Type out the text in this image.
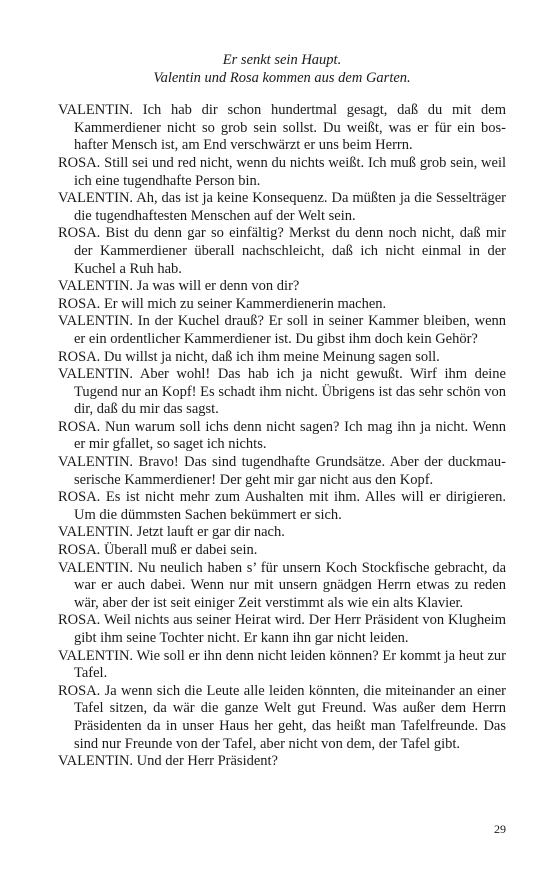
Er senkt sein Haupt.
Valentin und Rosa kommen aus dem Garten.
VALENTIN. Ich hab dir schon hundertmal gesagt, daß du mit dem Kammerdiener nicht so grob sein sollst. Du weißt, was er für ein boshafter Mensch ist, am End verschwärzt er uns beim Herrn.
ROSA. Still sei und red nicht, wenn du nichts weißt. Ich muß grob sein, weil ich eine tugendhafte Person bin.
VALENTIN. Ah, das ist ja keine Konsequenz. Da müßten ja die Sesselträger die tugendhaftesten Menschen auf der Welt sein.
ROSA. Bist du denn gar so einfältig? Merkst du denn noch nicht, daß mir der Kammerdiener überall nachschleicht, daß ich nicht einmal in der Kuchel a Ruh hab.
VALENTIN. Ja was will er denn von dir?
ROSA. Er will mich zu seiner Kammerdienerin machen.
VALENTIN. In der Kuchel drauß? Er soll in seiner Kammer bleiben, wenn er ein ordentlicher Kammerdiener ist. Du gibst ihm doch kein Gehör?
ROSA. Du willst ja nicht, daß ich ihm meine Meinung sagen soll.
VALENTIN. Aber wohl! Das hab ich ja nicht gewußt. Wirf ihm deine Tugend nur an Kopf! Es schadt ihm nicht. Übrigens ist das sehr schön von dir, daß du mir das sagst.
ROSA. Nun warum soll ichs denn nicht sagen? Ich mag ihn ja nicht. Wenn er mir gfallet, so saget ich nichts.
VALENTIN. Bravo! Das sind tugendhafte Grundsätze. Aber der duckmauserische Kammerdiener! Der geht mir gar nicht aus den Kopf.
ROSA. Es ist nicht mehr zum Aushalten mit ihm. Alles will er dirigieren. Um die dümmsten Sachen bekümmert er sich.
VALENTIN. Jetzt lauft er gar dir nach.
ROSA. Überall muß er dabei sein.
VALENTIN. Nu neulich haben s’ für unsern Koch Stockfische gebracht, da war er auch dabei. Wenn nur mit unsern gnädgen Herrn etwas zu reden wär, aber der ist seit einiger Zeit verstimmt als wie ein alts Klavier.
ROSA. Weil nichts aus seiner Heirat wird. Der Herr Präsident von Klugheim gibt ihm seine Tochter nicht. Er kann ihn gar nicht leiden.
VALENTIN. Wie soll er ihn denn nicht leiden können? Er kommt ja heut zur Tafel.
ROSA. Ja wenn sich die Leute alle leiden könnten, die miteinander an einer Tafel sitzen, da wär die ganze Welt gut Freund. Was außer dem Herrn Präsidenten da in unser Haus her geht, das heißt man Tafelfreunde. Das sind nur Freunde von der Tafel, aber nicht von dem, der Tafel gibt.
VALENTIN. Und der Herr Präsident?
29
